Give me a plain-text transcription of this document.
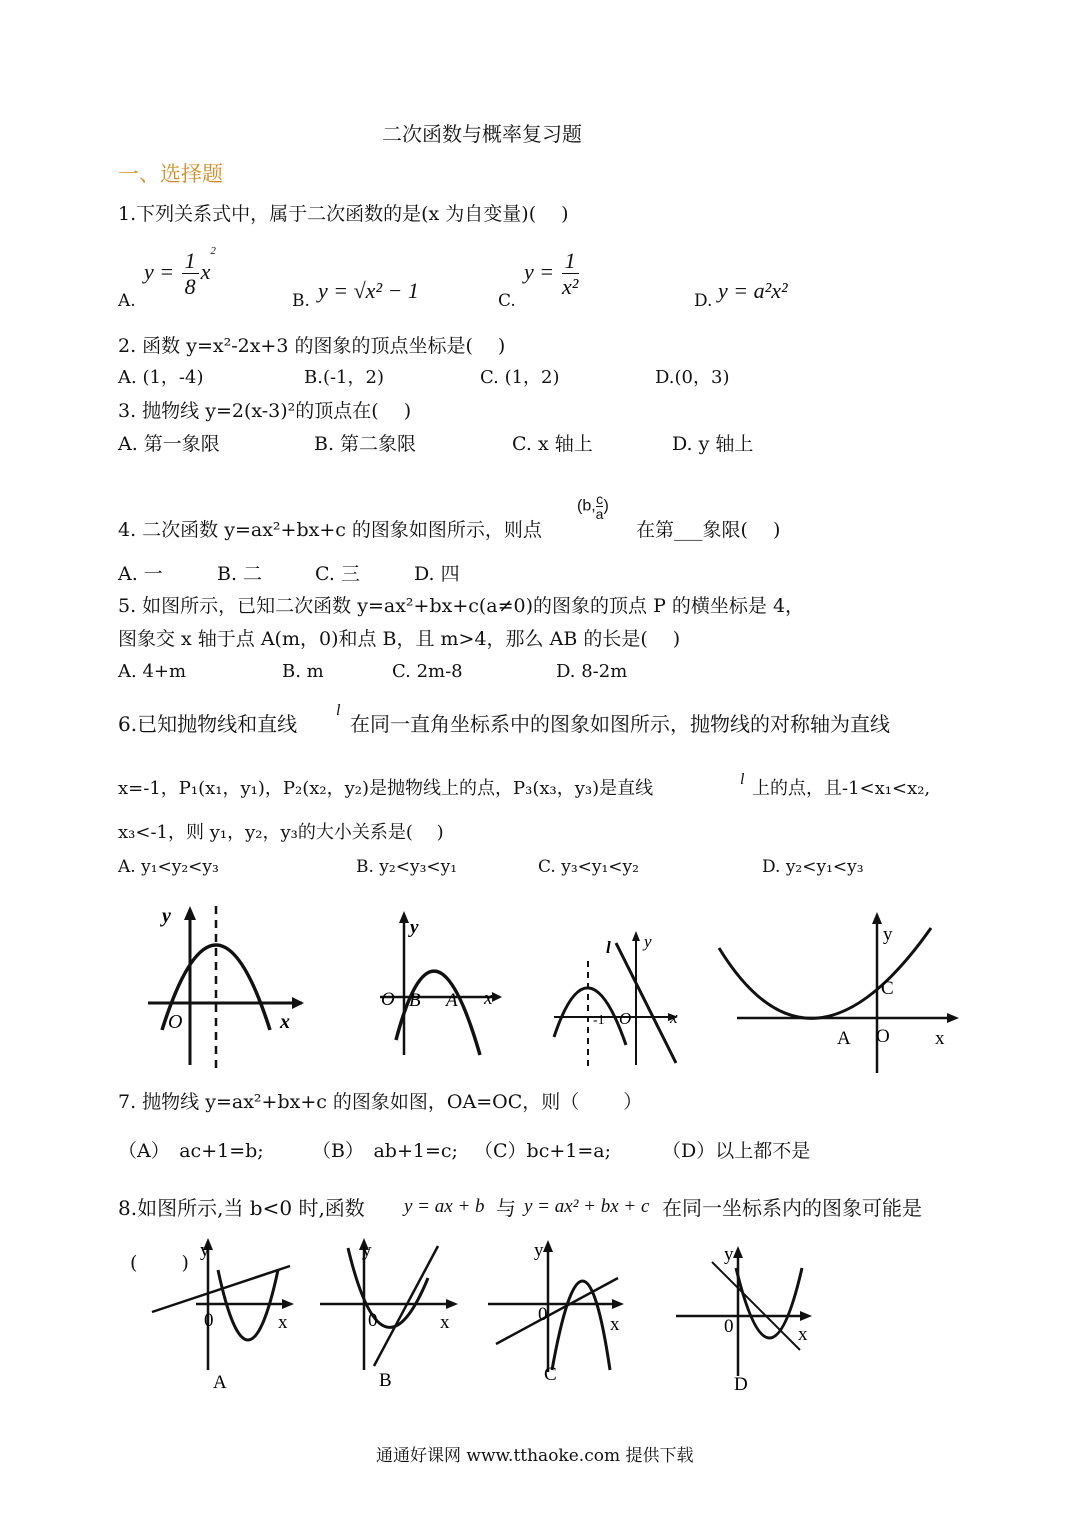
二次函数与概率复习题
一、选择题
1.下列关系式中，属于二次函数的是(x 为自变量)(　 )
A.
$y = \frac{1}{8} x^2$
B. y = √x² − 1	C.
$y = \frac{1}{\text{x²}}$
D. y = a²x²
2. 函数 y=x²-2x+3 的图象的顶点坐标是(　 )
A. (1，-4)	B.(-1，2)	C. (1，2)	D.(0，3)
3. 抛物线 y=2(x-3)²的顶点在(　 )
A. 第一象限	B. 第二象限	C. x 轴上	D. y 轴上
4. 二次函数 y=ax²+bx+c 的图象如图所示，则点
(b, $\frac{c}{a}$ )
在第___象限(　 )
A. 一	B. 二	C. 三	D. 四
5. 如图所示，已知二次函数 y=ax²+bx+c(a≠0)的图象的顶点 P 的横坐标是 4，
图象交 x 轴于点 A(m，0)和点 B，且 m>4，那么 AB 的长是(　 )
A. 4+m	B. m	C. 2m-8	D. 8-2m
6.已知抛物线和直线
l
在同一直角坐标系中的图象如图所示，抛物线的对称轴为直线
x=-1，P₁(x₁，y₁)，P₂(x₂，y₂)是抛物线上的点，P₃(x₃，y₃)是直线	l 上的点，且-1<x₁<x₂,
x₃<-1，则 y₁，y₂，y₃的大小关系是(　 )
A. y₁<y₂<y₃	B. y₂<y₃<y₁	C. y₃<y₁<y₂	D. y₂<y₁<y₃
y
x
O
y
x
O B A
y
x
O
l
-1
y
x
O
A
C
7. 抛物线 y=ax²+bx+c 的图象如图，OA=OC，则（　　 ）
（A）　ac+1=b;	（B）　ab+1=c; （C）bc+1=a;	（D）以上都不是
8.如图所示,当 b<0 时,函数 y = ax + b 与 y = ax² + bx + c 在同一坐标系内的图象可能是
(　　 )
y
x
0
A
y
x
0
B
y
x
0
C
y
x
0
D
通通好课网 www.tthaoke.com 提供下载
